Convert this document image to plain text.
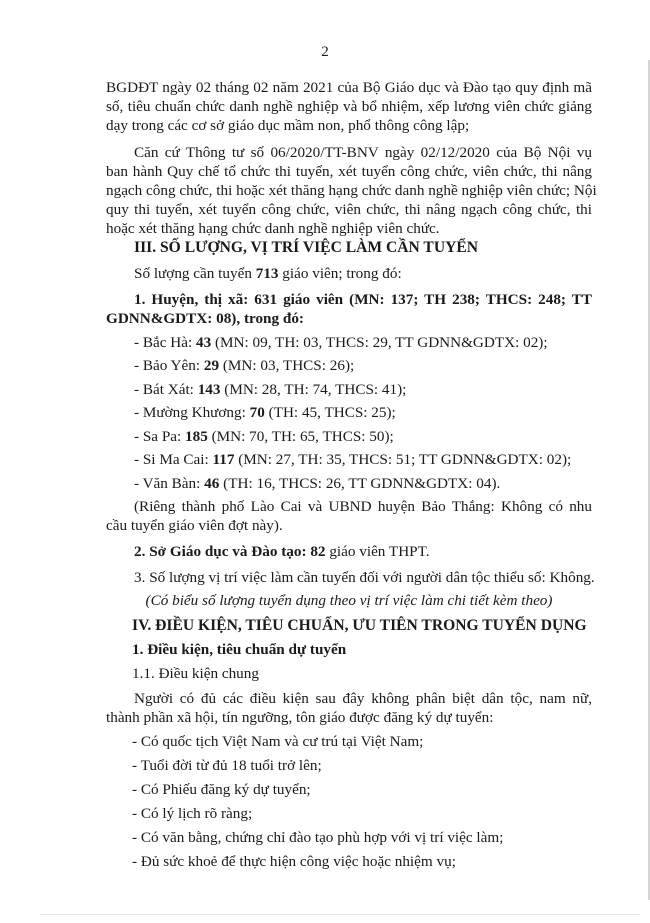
2
BGDĐT ngày 02 tháng 02 năm 2021 của Bộ Giáo dục và Đào tạo quy định mã
số, tiêu chuẩn chức danh nghề nghiệp và bổ nhiệm, xếp lương viên chức giảng
dạy trong các cơ sở giáo dục mầm non, phổ thông công lập;
Căn cứ Thông tư số 06/2020/TT-BNV ngày 02/12/2020 của Bộ Nội vụ
ban hành Quy chế tổ chức thi tuyển, xét tuyển công chức, viên chức, thi nâng
ngạch công chức, thi hoặc xét thăng hạng chức danh nghề nghiệp viên chức; Nội
quy thi tuyển, xét tuyển công chức, viên chức, thi nâng ngạch công chức, thi
hoặc xét thăng hạng chức danh nghề nghiệp viên chức.
III. SỐ LƯỢNG, VỊ TRÍ VIỆC LÀM CẦN TUYỂN
Số lượng cần tuyển 713 giáo viên; trong đó:
1. Huyện, thị xã: 631 giáo viên (MN: 137; TH 238; THCS: 248; TT
GDNN&GDTX: 08), trong đó:
- Bắc Hà: 43 (MN: 09, TH: 03, THCS: 29, TT GDNN&GDTX: 02);
- Bảo Yên: 29 (MN: 03, THCS: 26);
- Bát Xát: 143 (MN: 28, TH: 74, THCS: 41);
- Mường Khương: 70 (TH: 45, THCS: 25);
- Sa Pa: 185 (MN: 70, TH: 65, THCS: 50);
- Si Ma Cai: 117 (MN: 27, TH: 35, THCS: 51; TT GDNN&GDTX: 02);
- Văn Bàn: 46 (TH: 16, THCS: 26, TT GDNN&GDTX: 04).
(Riêng thành phố Lào Cai và UBND huyện Bảo Thắng: Không có nhu
cầu tuyển giáo viên đợt này).
2. Sở Giáo dục và Đào tạo: 82 giáo viên THPT.
3. Số lượng vị trí việc làm cần tuyển đối với người dân tộc thiểu số: Không.
(Có biểu số lượng tuyển dụng theo vị trí việc làm chi tiết kèm theo)
IV. ĐIỀU KIỆN, TIÊU CHUẨN, ƯU TIÊN TRONG TUYỂN DỤNG
1. Điều kiện, tiêu chuẩn dự tuyển
1.1. Điều kiện chung
Người có đủ các điều kiện sau đây không phân biệt dân tộc, nam nữ,
thành phần xã hội, tín ngưỡng, tôn giáo được đăng ký dự tuyển:
- Có quốc tịch Việt Nam và cư trú tại Việt Nam;
- Tuổi đời từ đủ 18 tuổi trở lên;
- Có Phiếu đăng ký dự tuyển;
- Có lý lịch rõ ràng;
- Có văn bằng, chứng chỉ đào tạo phù hợp với vị trí việc làm;
- Đủ sức khoẻ để thực hiện công việc hoặc nhiệm vụ;
